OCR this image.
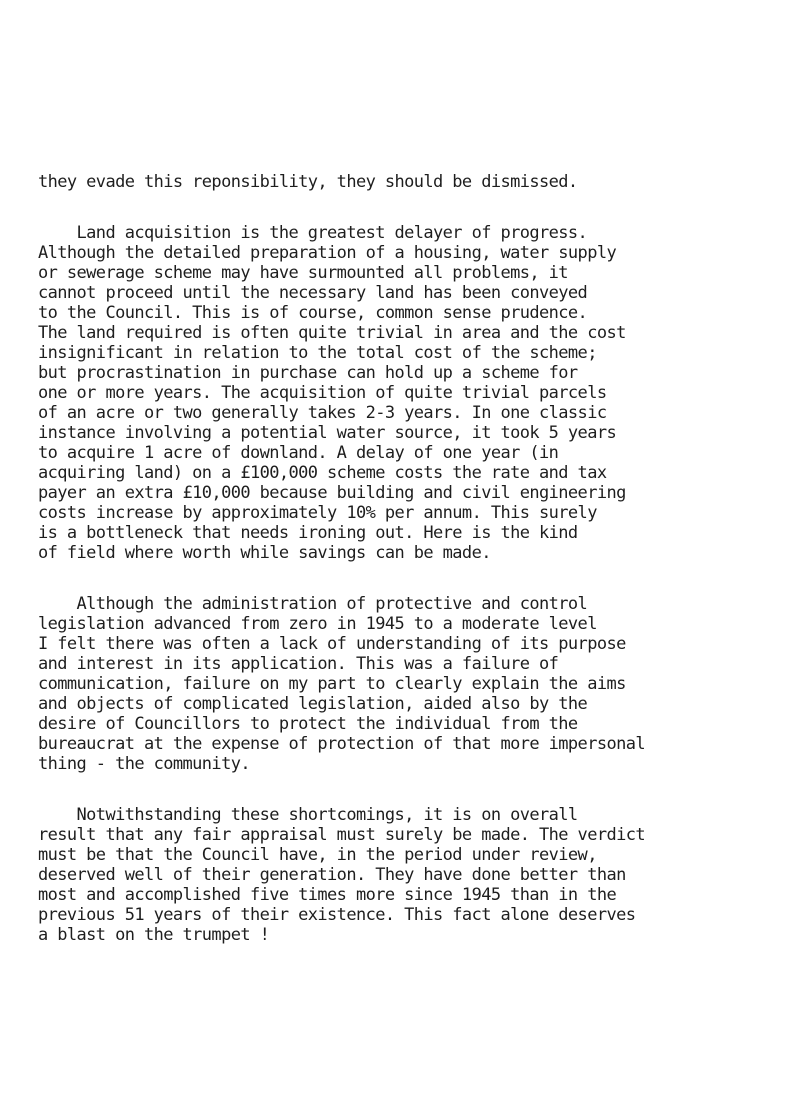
they evade this reponsibility, they should be dismissed.
Land acquisition is the greatest delayer of progress.
Although the detailed preparation of a housing, water supply
or sewerage scheme may have surmounted all problems, it
cannot proceed until the necessary land has been conveyed
to the Council. This is of course, common sense prudence.
The land required is often quite trivial in area and the cost
insignificant in relation to the total cost of the scheme;
but procrastination in purchase can hold up a scheme for
one or more years. The acquisition of quite trivial parcels
of an acre or two generally takes 2-3 years. In one classic
instance involving a potential water source, it took 5 years
to acquire 1 acre of downland. A delay of one year (in
acquiring land) on a £100,000 scheme costs the rate and tax
payer an extra £10,000 because building and civil engineering
costs increase by approximately 10% per annum. This surely
is a bottleneck that needs ironing out. Here is the kind
of field where worth while savings can be made.
Although the administration of protective and control
legislation advanced from zero in 1945 to a moderate level
I felt there was often a lack of understanding of its purpose
and interest in its application. This was a failure of
communication, failure on my part to clearly explain the aims
and objects of complicated legislation, aided also by the
desire of Councillors to protect the individual from the
bureaucrat at the expense of protection of that more impersonal
thing - the community.
Notwithstanding these shortcomings, it is on overall
result that any fair appraisal must surely be made. The verdict
must be that the Council have, in the period under review,
deserved well of their generation. They have done better than
most and accomplished five times more since 1945 than in the
previous 51 years of their existence. This fact alone deserves
a blast on the trumpet !
